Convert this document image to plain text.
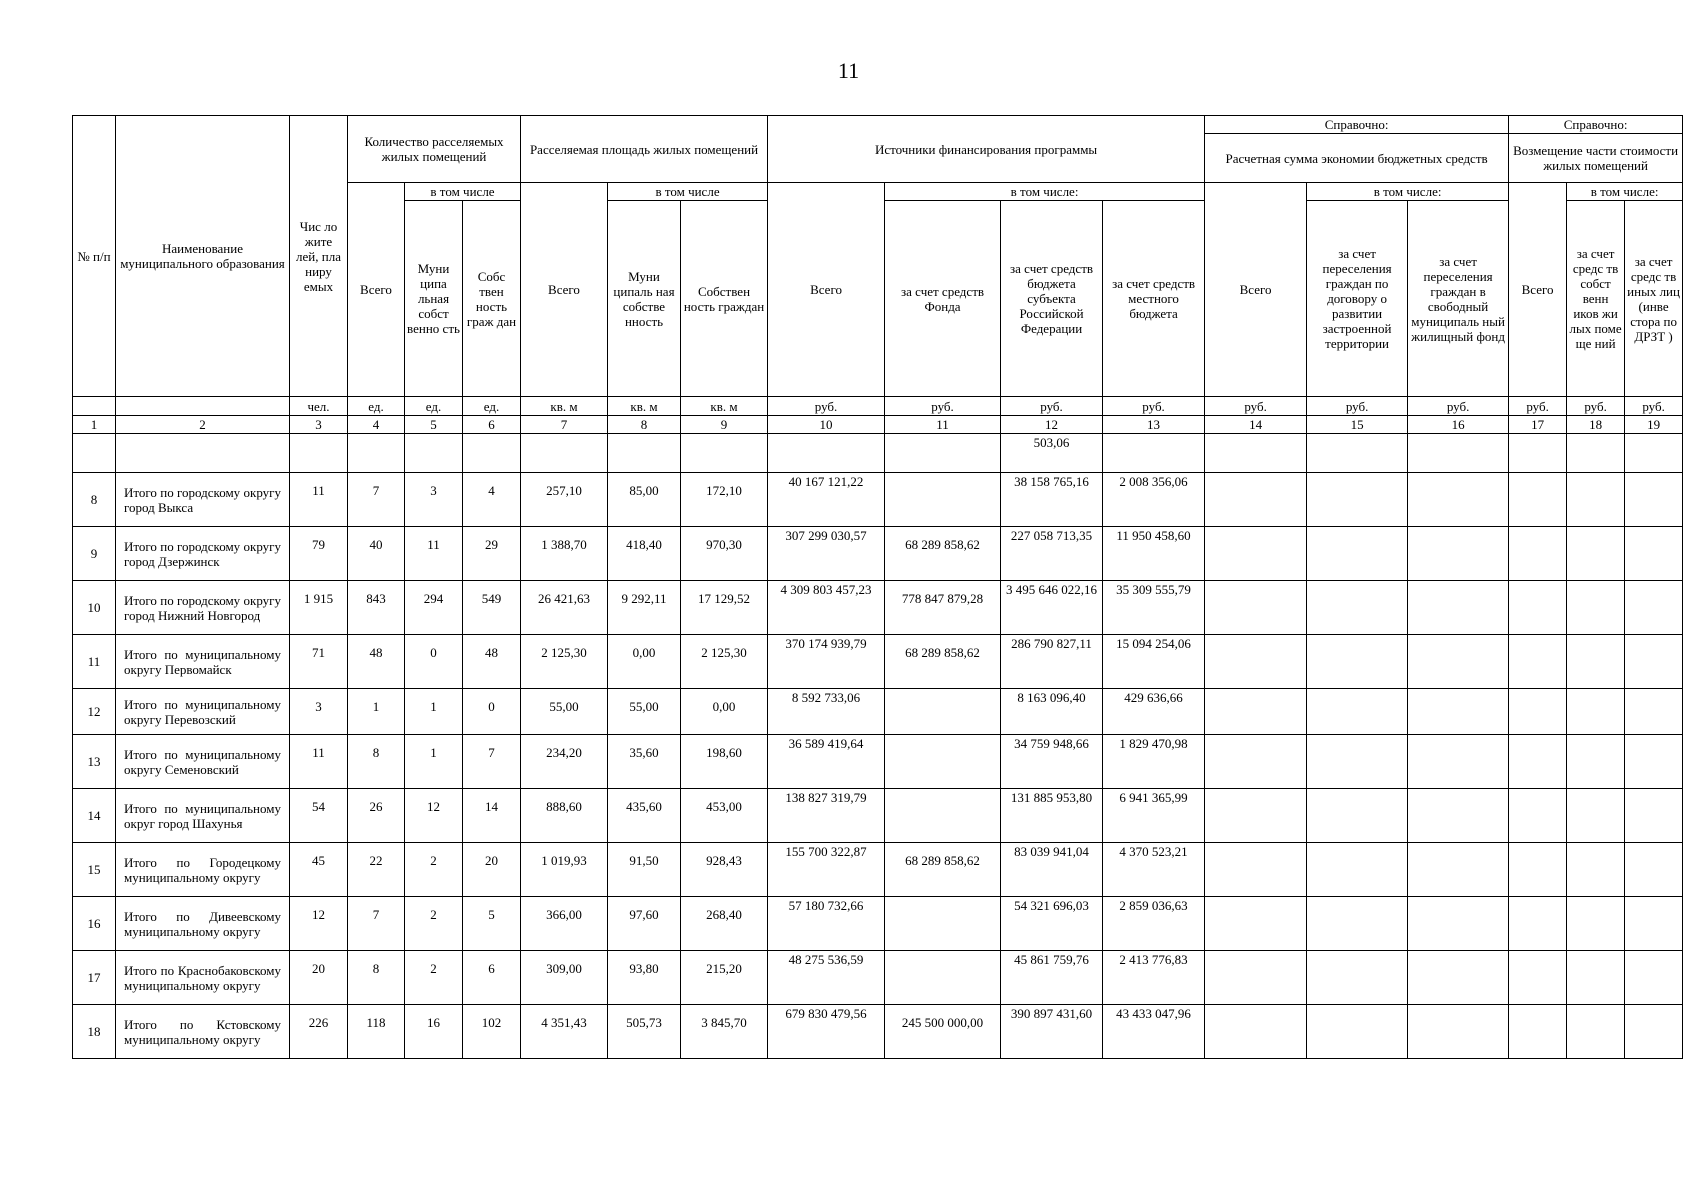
11
№ п/п	Наименование муниципального образования	Чис ло жите лей, пла ниру емых	Количество расселяемых жилых помещений			Расселяемая площадь жилых помещений			Источники финансирования программы				Справочно:			Справочно:		
													Расчетная сумма экономии бюджетных средств			Возмещение части стоимости жилых помещений		
			Всего	в том числе		Всего	в том числе		Всего	в том числе:			Всего	в том числе:		Всего	в том числе:	
				Муни ципа льная собст венно сть	Собс твен ность граж дан		Муни ципаль ная собстве нность	Собствен ность граждан		за счет средств Фонда	за счет средств бюджета субъекта Российской Федерации	за счет средств местного бюджета		за счет переселения граждан по договору о развитии застроенной территории	за счет переселения граждан в свободный муниципаль ный жилищный фонд		за счет средс тв собст венн иков жи лых поме ще ний	за счет средс тв иных лиц (инве стора по ДРЗТ )
		чел.	ед.	ед.	ед.	кв. м	кв. м	кв. м	руб.	руб.	руб.	руб.	руб.	руб.	руб.	руб.	руб.	руб.
1	2	3	4	5	6	7	8	9	10	11	12	13	14	15	16	17	18	19
											503,06							
8	Итого по городскому округу город Выкса	11	7	3	4	257,10	85,00	172,10	40 167 121,22		38 158 765,16	2 008 356,06						
9	Итого по городскому округу город Дзержинск	79	40	11	29	1 388,70	418,40	970,30	307 299 030,57	68 289 858,62	227 058 713,35	11 950 458,60						
10	Итого по городскому округу город Нижний Новгород	1 915	843	294	549	26 421,63	9 292,11	17 129,52	4 309 803 457,23	778 847 879,28	3 495 646 022,16	35 309 555,79						
11	Итого по муниципальному округу Первомайск	71	48	0	48	2 125,30	0,00	2 125,30	370 174 939,79	68 289 858,62	286 790 827,11	15 094 254,06						
12	Итого по муниципальному округу Перевозский	3	1	1	0	55,00	55,00	0,00	8 592 733,06		8 163 096,40	429 636,66						
13	Итого по муниципальному округу Семеновский	11	8	1	7	234,20	35,60	198,60	36 589 419,64		34 759 948,66	1 829 470,98						
14	Итого по муниципальному округ город Шахунья	54	26	12	14	888,60	435,60	453,00	138 827 319,79		131 885 953,80	6 941 365,99						
15	Итого по Городецкому муниципальному округу	45	22	2	20	1 019,93	91,50	928,43	155 700 322,87	68 289 858,62	83 039 941,04	4 370 523,21						
16	Итого по Дивеевскому муниципальному округу	12	7	2	5	366,00	97,60	268,40	57 180 732,66		54 321 696,03	2 859 036,63						
17	Итого по Краснобаковскому муниципальному округу	20	8	2	6	309,00	93,80	215,20	48 275 536,59		45 861 759,76	2 413 776,83						
18	Итого по Кстовскому муниципальному округу	226	118	16	102	4 351,43	505,73	3 845,70	679 830 479,56	245 500 000,00	390 897 431,60	43 433 047,96						
